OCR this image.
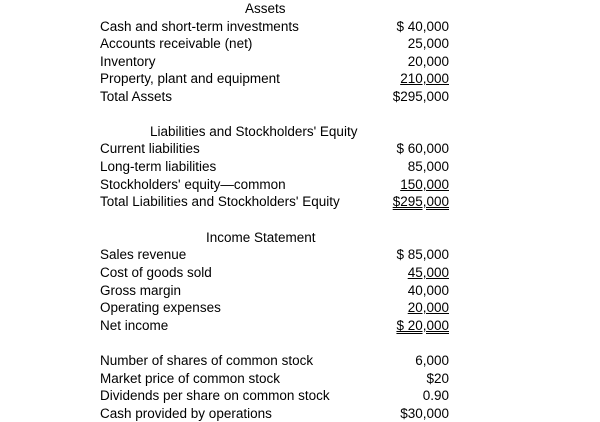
Assets
Cash and short-term investments	$ 40,000
Accounts receivable (net)	25,000
Inventory	20,000
Property, plant and equipment	210,000
Total Assets	$295,000
Liabilities and Stockholders' Equity
Current liabilities	$ 60,000
Long-term liabilities	85,000
Stockholders' equity—common	150,000
Total Liabilities and Stockholders' Equity	$295,000
Income Statement
Sales revenue	$ 85,000
Cost of goods sold	45,000
Gross margin	40,000
Operating expenses	20,000
Net income	$ 20,000
Number of shares of common stock	6,000
Market price of common stock	$20
Dividends per share on common stock	0.90
Cash provided by operations	$30,000
